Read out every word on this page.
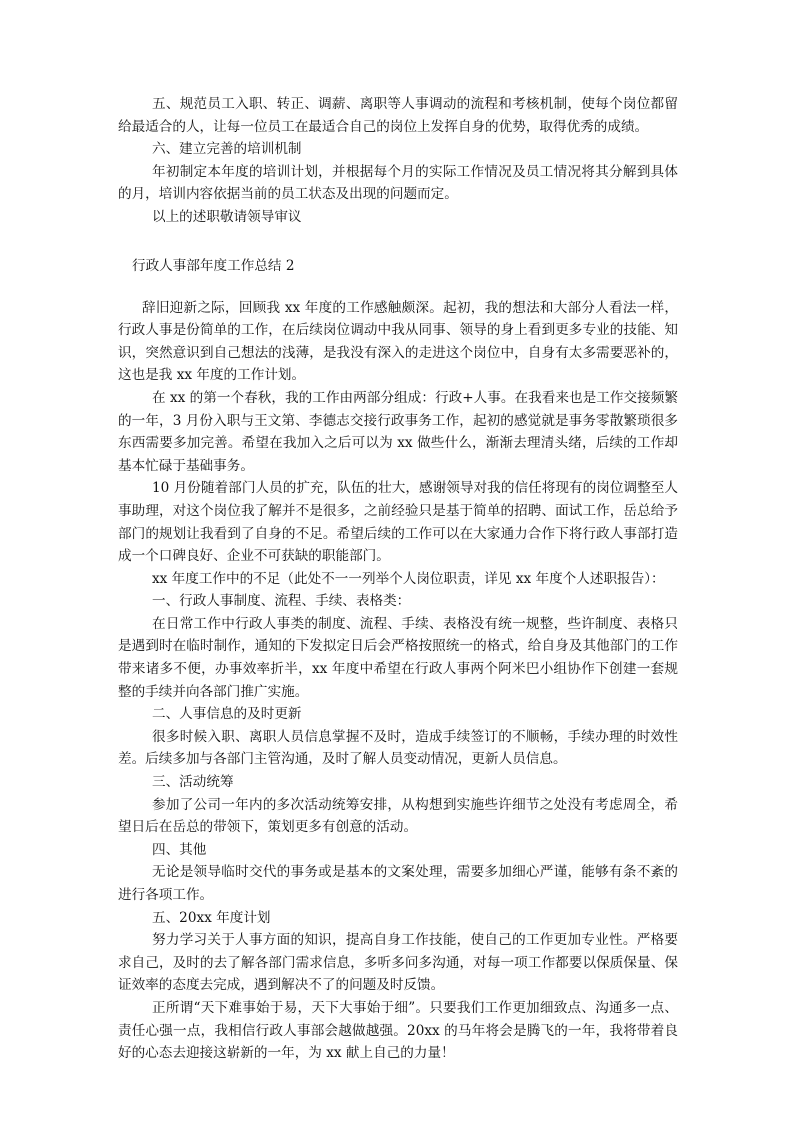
五、规范员工入职、转正、调薪、离职等人事调动的流程和考核机制，使每个岗位都留给最适合的人，让每一位员工在最适合自己的岗位上发挥自身的优势，取得优秀的成绩。

六、建立完善的培训机制

年初制定本年度的培训计划，并根据每个月的实际工作情况及员工情况将其分解到具体的月，培训内容依据当前的员工状态及出现的问题而定。

以上的述职敬请领导审议

行政人事部年度工作总结 2

辞旧迎新之际，回顾我 xx 年度的工作感触颇深。起初，我的想法和大部分人看法一样，行政人事是份简单的工作，在后续岗位调动中我从同事、领导的身上看到更多专业的技能、知识，突然意识到自己想法的浅薄，是我没有深入的走进这个岗位中，自身有太多需要恶补的，这也是我 xx 年度的工作计划。

在 xx 的第一个春秋，我的工作由两部分组成：行政+人事。在我看来也是工作交接频繁的一年，3 月份入职与王文第、李德志交接行政事务工作，起初的感觉就是事务零散繁琐很多东西需要多加完善。希望在我加入之后可以为 xx 做些什么，渐渐去理清头绪，后续的工作却基本忙碌于基础事务。

10 月份随着部门人员的扩充，队伍的壮大，感谢领导对我的信任将现有的岗位调整至人事助理，对这个岗位我了解并不是很多，之前经验只是基于简单的招聘、面试工作，岳总给予部门的规划让我看到了自身的不足。希望后续的工作可以在大家通力合作下将行政人事部打造成一个口碑良好、企业不可获缺的职能部门。

xx 年度工作中的不足（此处不一一列举个人岗位职责，详见 xx 年度个人述职报告）：

一、行政人事制度、流程、手续、表格类：

在日常工作中行政人事类的制度、流程、手续、表格没有统一规整，些许制度、表格只是遇到时在临时制作，通知的下发拟定日后会严格按照统一的格式，给自身及其他部门的工作带来诸多不便，办事效率折半，xx 年度中希望在行政人事两个阿米巴小组协作下创建一套规整的手续并向各部门推广实施。

二、人事信息的及时更新

很多时候入职、离职人员信息掌握不及时，造成手续签订的不顺畅，手续办理的时效性差。后续多加与各部门主管沟通，及时了解人员变动情况，更新人员信息。

三、活动统筹

参加了公司一年内的多次活动统筹安排，从构想到实施些许细节之处没有考虑周全，希望日后在岳总的带领下，策划更多有创意的活动。

四、其他

无论是领导临时交代的事务或是基本的文案处理，需要多加细心严谨，能够有条不紊的进行各项工作。

五、20xx 年度计划

努力学习关于人事方面的知识，提高自身工作技能，使自己的工作更加专业性。严格要求自己，及时的去了解各部门需求信息，多听多问多沟通，对每一项工作都要以保质保量、保证效率的态度去完成，遇到解决不了的问题及时反馈。

正所谓“天下难事始于易，天下大事始于细”。只要我们工作更加细致点、沟通多一点、责任心强一点，我相信行政人事部会越做越强。20xx 的马年将会是腾飞的一年，我将带着良好的心态去迎接这崭新的一年，为 xx 献上自己的力量！
